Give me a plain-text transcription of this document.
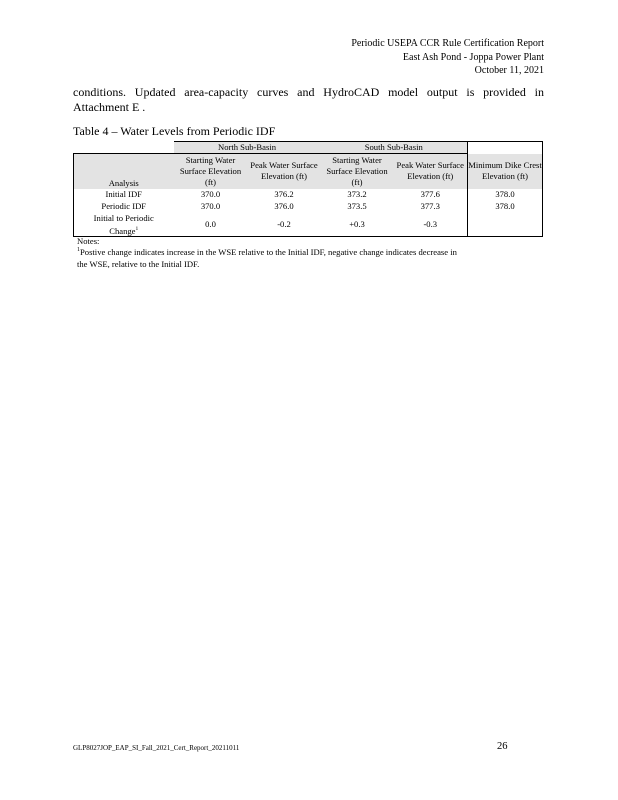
Periodic USEPA CCR Rule Certification Report
East Ash Pond - Joppa Power Plant
October 11, 2021
conditions. Updated area-capacity curves and HydroCAD model output is provided in Attachment E .
Table 4 – Water Levels from Periodic IDF
	North Sub-Basin		South Sub-Basin		
Analysis	Starting Water Surface Elevation (ft)	Peak Water Surface Elevation (ft)	Starting Water Surface Elevation (ft)	Peak Water Surface Elevation (ft)	Minimum Dike Crest Elevation (ft)
Initial IDF	370.0	376.2	373.2	377.6	378.0
Periodic IDF	370.0	376.0	373.5	377.3	378.0
Initial to Periodic Change$^1$	0.0	-0.2	+0.3	-0.3	
Notes:
$^1$Postive change indicates increase in the WSE relative to the Initial IDF, negative change indicates decrease in the WSE, relative to the Initial IDF.
GLP8027JOP_EAP_SI_Fall_2021_Cert_Report_20211011	26
